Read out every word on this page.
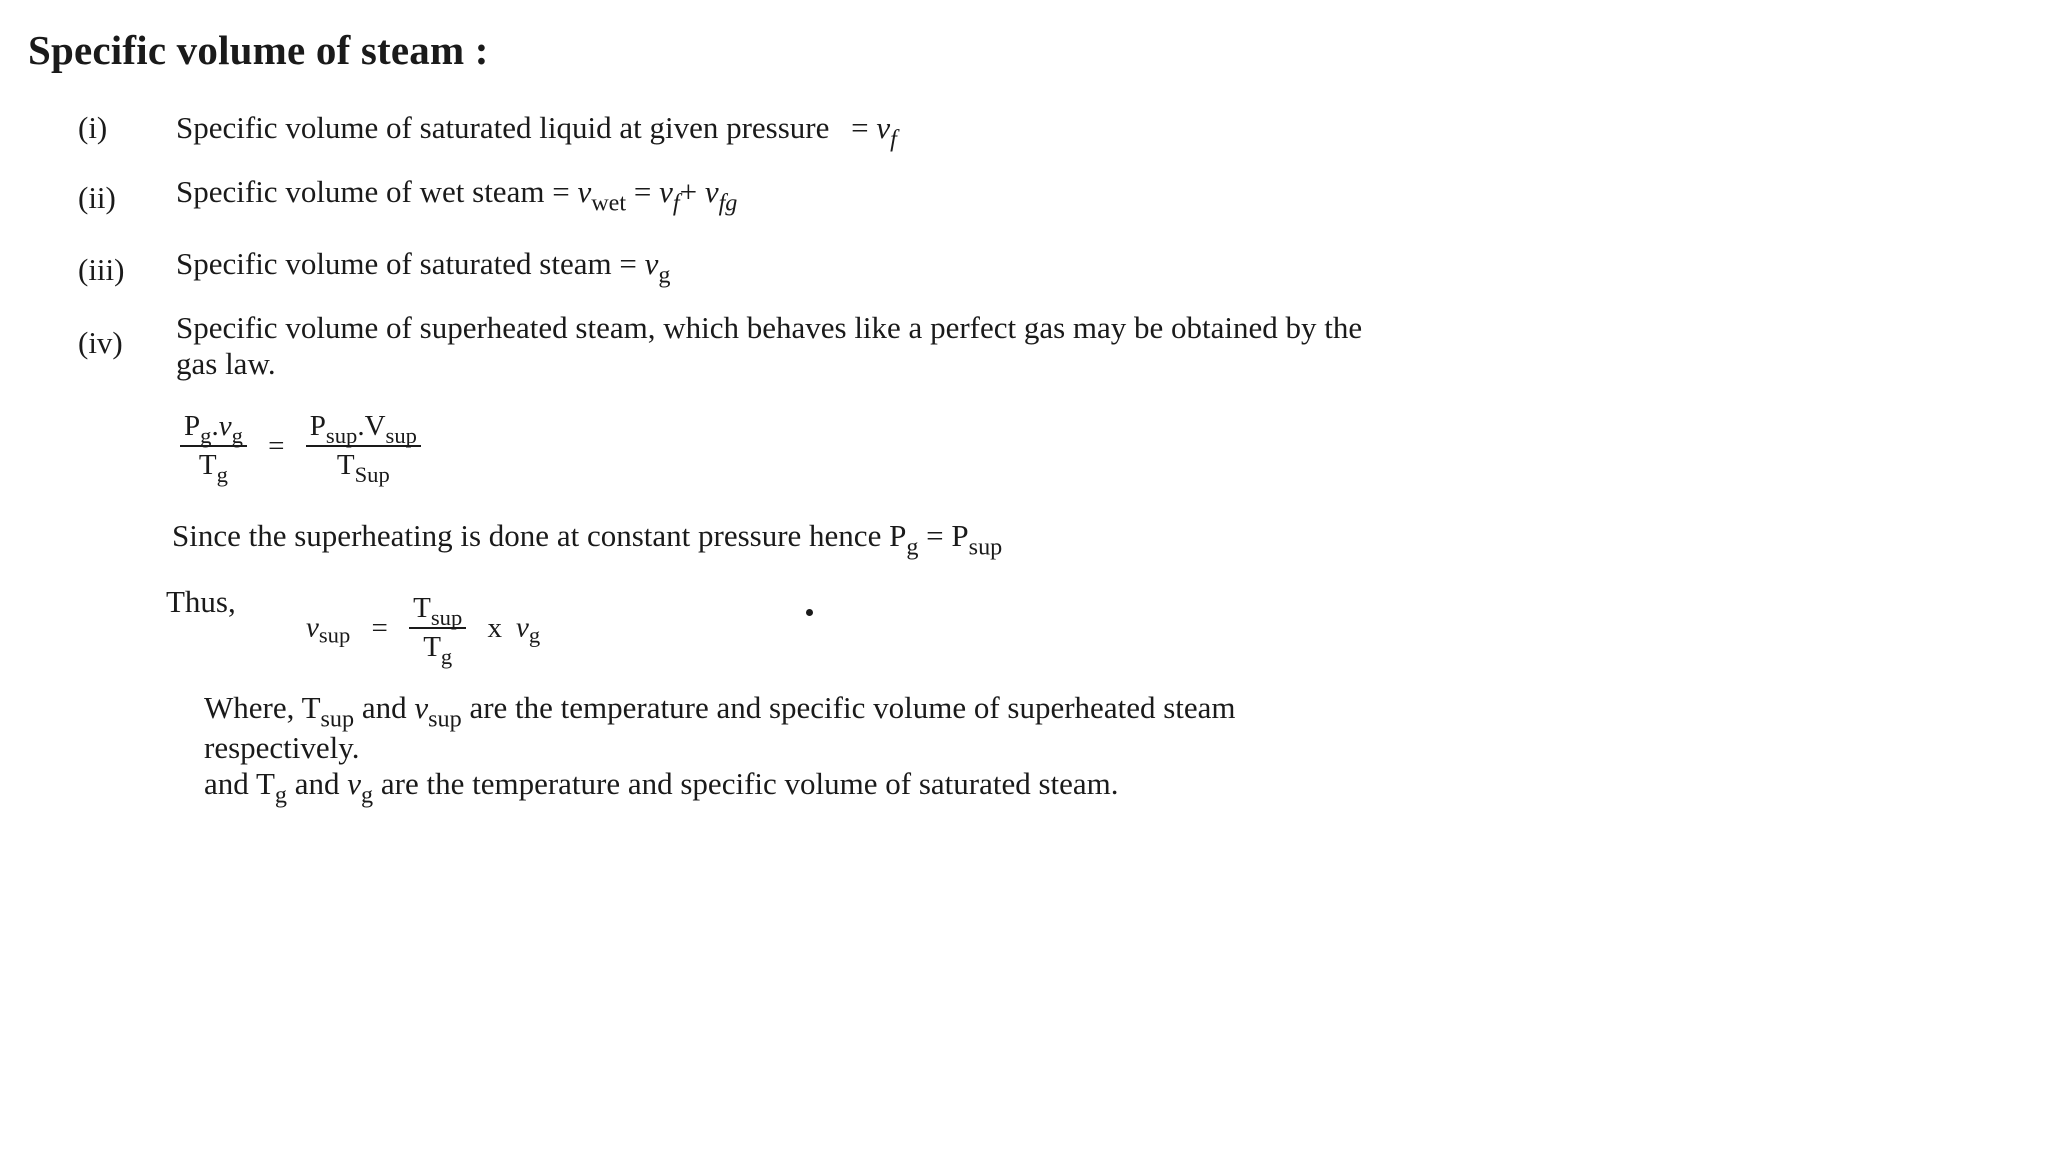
Specific volume of steam :
(i) Specific volume of saturated liquid at given pressure = $v_f$
(ii) Specific volume of wet steam = $v_{wet} = v_f+ v_{fg}$
(iii) Specific volume of saturated steam = $v_g$
(iv) Specific volume of superheated steam, which behaves like a perfect gas may be obtained by the
gas law.
$\frac{P_g.v_g}{T_g} = \frac{P_{sup}.V_{sup}}{T_{Sup}}$
Since the superheating is done at constant pressure hence $P_g = P_{sup}$
Thus,
$v_{sup} = \frac{T_{sup}}{T_g}$ x $v_g$
Where, $T_{sup}$ and $v_{sup}$ are the temperature and specific volume of superheated steam
respectively.
and $T_g$ and $v_g$ are the temperature and specific volume of saturated steam.
